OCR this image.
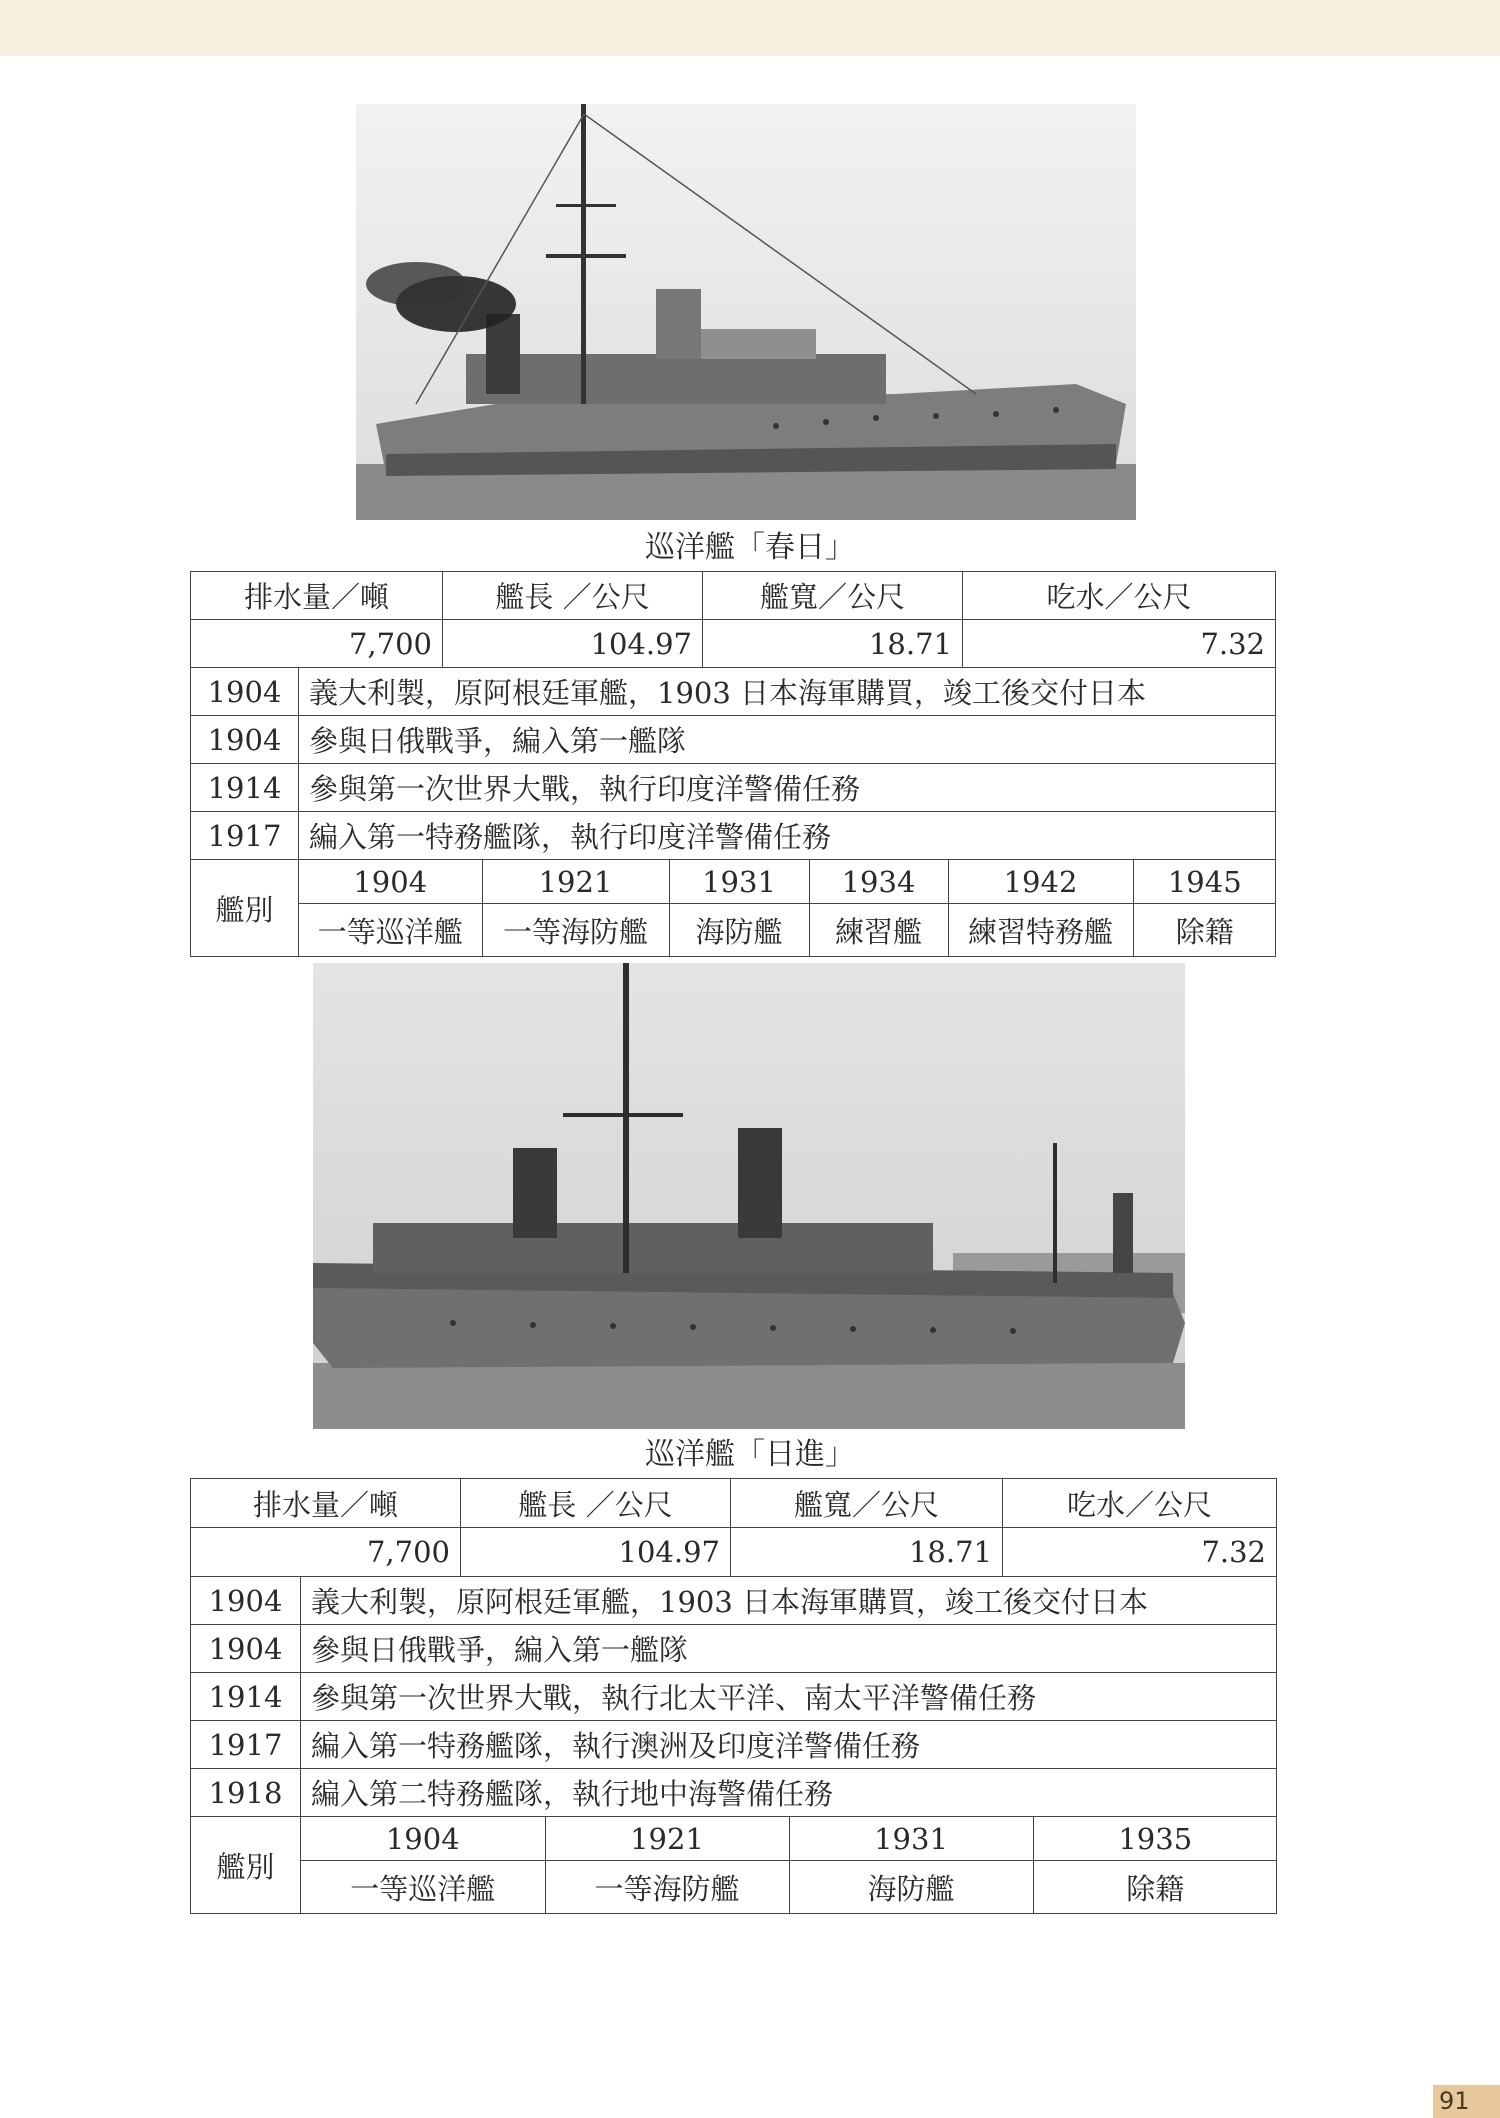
巡洋艦「春日」
排水量／噸	艦長 ／公尺	艦寬／公尺	吃水／公尺
7,700	104.97	18.71	7.32
1904	義大利製，原阿根廷軍艦，1903 日本海軍購買，竣工後交付日本
1904	參與日俄戰爭，編入第一艦隊
1914	參與第一次世界大戰，執行印度洋警備任務
1917	編入第一特務艦隊，執行印度洋警備任務
艦別	
1904	1921	1931	1934	1942	1945
一等巡洋艦	一等海防艦	海防艦	練習艦	練習特務艦	除籍
巡洋艦「日進」
排水量／噸	艦長 ／公尺	艦寬／公尺	吃水／公尺
7,700	104.97	18.71	7.32
1904	義大利製，原阿根廷軍艦，1903 日本海軍購買，竣工後交付日本
1904	參與日俄戰爭，編入第一艦隊
1914	參與第一次世界大戰，執行北太平洋、南太平洋警備任務
1917	編入第一特務艦隊，執行澳洲及印度洋警備任務
1918	編入第二特務艦隊，執行地中海警備任務
艦別	
1904	1921	1931	1935
一等巡洋艦	一等海防艦	海防艦	除籍
91
